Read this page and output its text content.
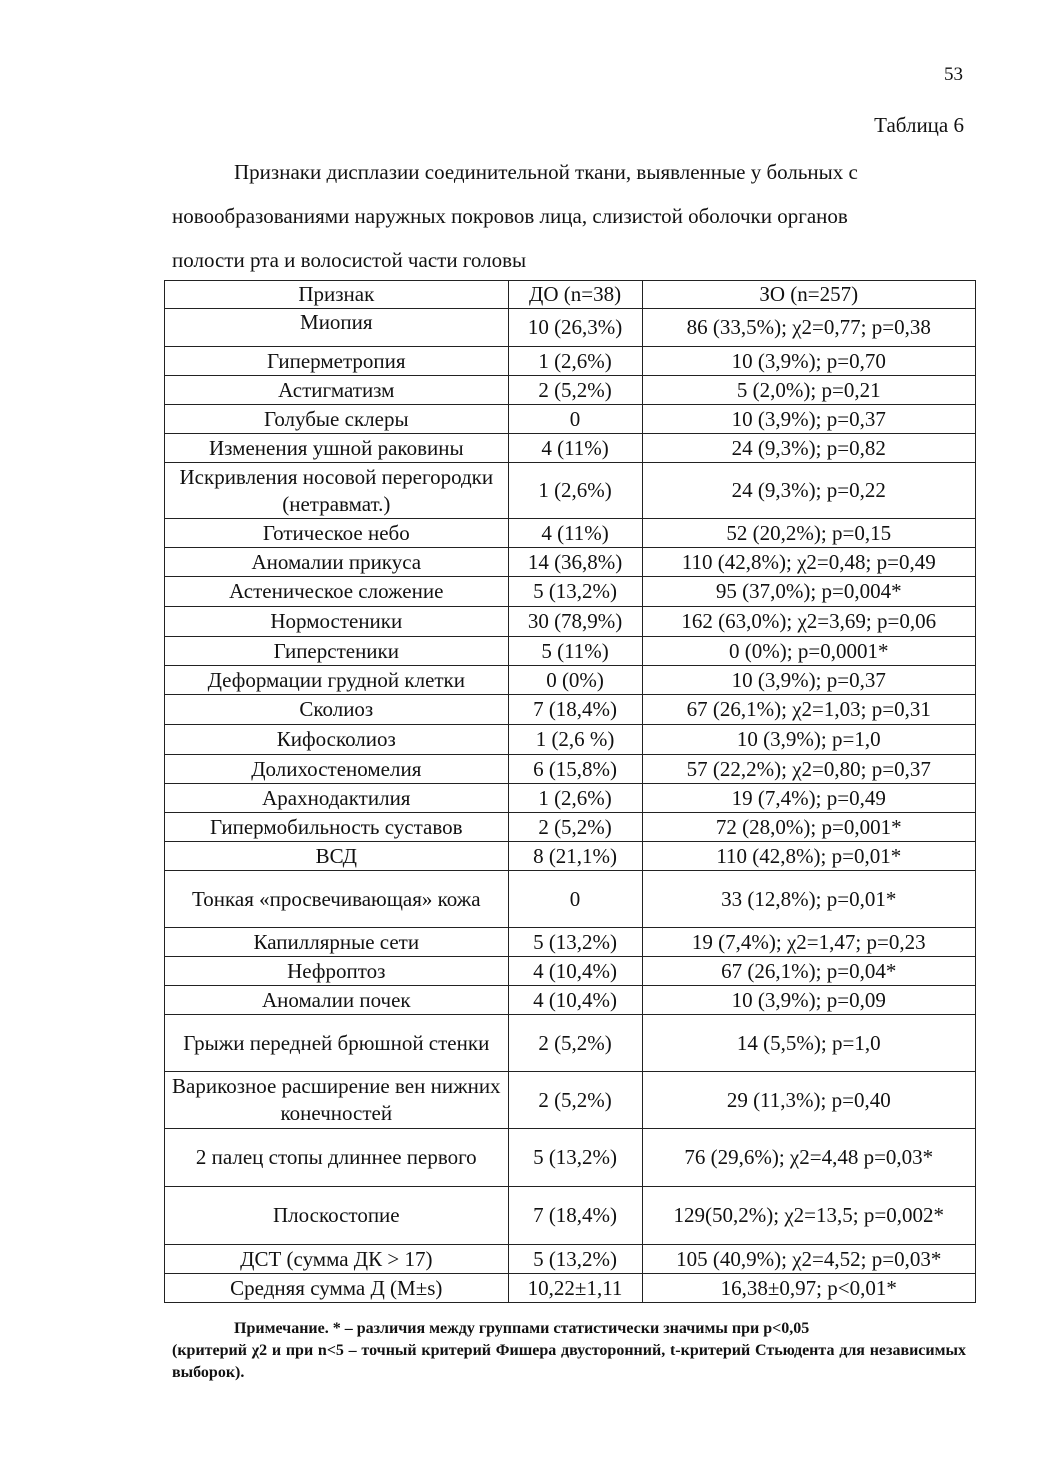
53
Таблица 6
Признаки дисплазии соединительной ткани, выявленные у больных с
новообразованиями наружных покровов лица, слизистой оболочки органов
полости рта и волосистой части головы
Признак	ДО (n=38)	ЗО (n=257)
Миопия	10 (26,3%)	86 (33,5%); χ2=0,77; p=0,38
Гиперметропия	1 (2,6%)	10 (3,9%); p=0,70
Астигматизм	2 (5,2%)	5 (2,0%); p=0,21
Голубые склеры	0	10 (3,9%); p=0,37
Изменения ушной раковины	4 (11%)	24 (9,3%); p=0,82
Искривления носовой перегородки (нетравмат.)	1 (2,6%)	24 (9,3%); p=0,22
Готическое небо	4 (11%)	52 (20,2%); p=0,15
Аномалии прикуса	14 (36,8%)	110 (42,8%); χ2=0,48; p=0,49
Астеническое сложение	5 (13,2%)	95 (37,0%); p=0,004*
Нормостеники	30 (78,9%)	162 (63,0%); χ2=3,69; p=0,06
Гиперстеники	5 (11%)	0 (0%); p=0,0001*
Деформации грудной клетки	0 (0%)	10 (3,9%); p=0,37
Сколиоз	7 (18,4%)	67 (26,1%); χ2=1,03; p=0,31
Кифосколиоз	1 (2,6 %)	10 (3,9%); p=1,0
Долихостеномелия	6 (15,8%)	57 (22,2%); χ2=0,80; p=0,37
Арахнодактилия	1 (2,6%)	19 (7,4%); p=0,49
Гипермобильность суставов	2 (5,2%)	72 (28,0%); p=0,001*
ВСД	8 (21,1%)	110 (42,8%); p=0,01*
Тонкая «просвечивающая» кожа	0	33 (12,8%); p=0,01*
Капиллярные сети	5 (13,2%)	19 (7,4%); χ2=1,47; p=0,23
Нефроптоз	4 (10,4%)	67 (26,1%); p=0,04*
Аномалии почек	4 (10,4%)	10 (3,9%); p=0,09
Грыжи передней брюшной стенки	2 (5,2%)	14 (5,5%); p=1,0
Варикозное расширение вен нижних конечностей	2 (5,2%)	29 (11,3%); p=0,40
2 палец стопы длиннее первого	5 (13,2%)	76 (29,6%); χ2=4,48 p=0,03*
Плоскостопие	7 (18,4%)	129(50,2%); χ2=13,5; p=0,002*
ДСТ (сумма ДК > 17)	5 (13,2%)	105 (40,9%); χ2=4,52; p=0,03*
Средняя сумма Д (M±s)	10,22±1,11	16,38±0,97; p<0,01*
Примечание. * – различия между группами статистически значимы при p<0,05
(критерий χ2 и при n<5 – точный критерий Фишера двусторонний, t-критерий Стьюдента для независимых выборок).
